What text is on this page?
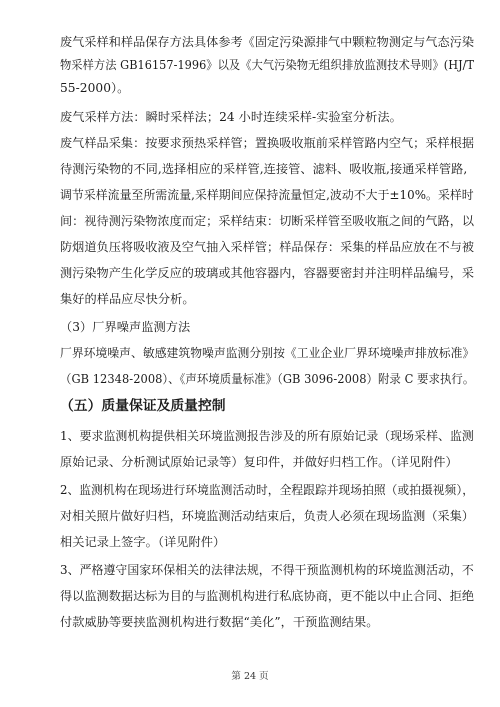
废气采样和样品保存方法具体参考《固定污染源排气中颗粒物测定与气态污染
物采样方法 GB16157-1996》以及《大气污染物无组织排放监测技术导则》(HJ/T
55-2000）。
废气采样方法：瞬时采样法；24 小时连续采样-实验室分析法。
废气样品采集：按要求预热采样管；置换吸收瓶前采样管路内空气；采样根据
待测污染物的不同,选择相应的采样管,连接管、滤料、吸收瓶,接通采样管路,
调节采样流量至所需流量,采样期间应保持流量恒定,波动不大于±10%。采样时
间：视待测污染物浓度而定；采样结束：切断采样管至吸收瓶之间的气路，以
防烟道负压将吸收液及空气抽入采样管；样品保存：采集的样品应放在不与被
测污染物产生化学反应的玻璃或其他容器内，容器要密封并注明样品编号，采
集好的样品应尽快分析。
（3）厂界噪声监测方法
厂界环境噪声、敏感建筑物噪声监测分别按《工业企业厂界环境噪声排放标准》
（GB 12348-2008）、《声环境质量标准》（GB 3096-2008）附录 C 要求执行。
（五）质量保证及质量控制
1、要求监测机构提供相关环境监测报告涉及的所有原始记录（现场采样、监测
原始记录、分析测试原始记录等）复印件，并做好归档工作。（详见附件）
2、监测机构在现场进行环境监测活动时，全程跟踪并现场拍照（或拍摄视频），
对相关照片做好归档，环境监测活动结束后，负责人必须在现场监测（采集）
相关记录上签字。（详见附件）
3、严格遵守国家环保相关的法律法规，不得干预监测机构的环境监测活动，不
得以监测数据达标为目的与监测机构进行私底协商，更不能以中止合同、拒绝
付款威胁等要挟监测机构进行数据“美化”，干预监测结果。
第 24 页
